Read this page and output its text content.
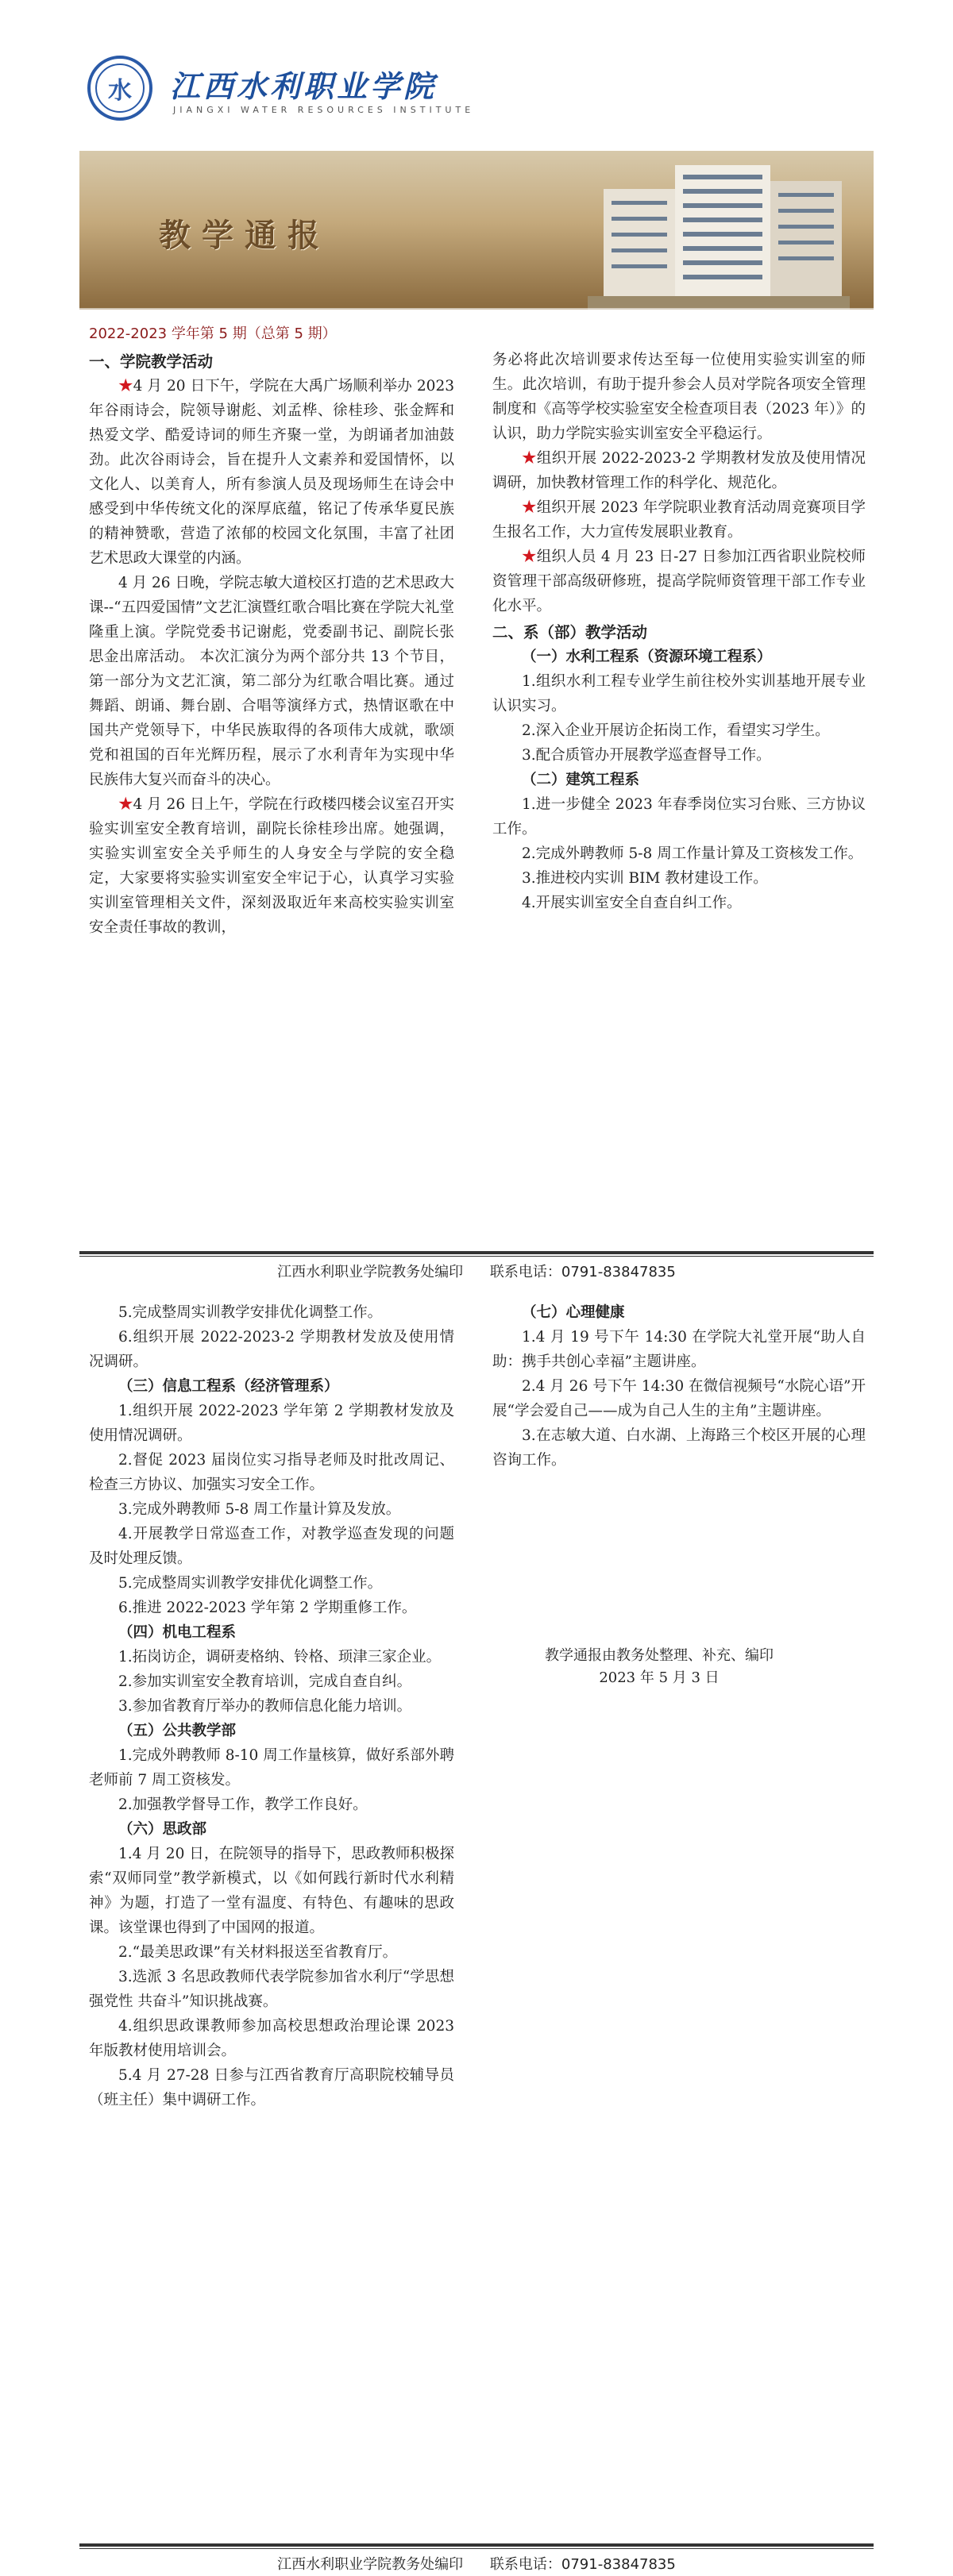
水	江西水利职业学院
JIANGXI WATER RESOURCES INSTITUTE
教学通报
2022-2023 学年第 5 期（总第 5 期）

一、学院教学活动

★4 月 20 日下午，学院在大禹广场顺利举办 2023 年谷雨诗会，院领导谢彪、刘孟桦、徐桂珍、张金辉和热爱文学、酷爱诗词的师生齐聚一堂，为朗诵者加油鼓劲。此次谷雨诗会，旨在提升人文素养和爱国情怀，以文化人、以美育人，所有参演人员及现场师生在诗会中感受到中华传统文化的深厚底蕴，铭记了传承华夏民族的精神赞歌，营造了浓郁的校园文化氛围，丰富了社团艺术思政大课堂的内涵。

4 月 26 日晚，学院志敏大道校区打造的艺术思政大课--“五四爱国情”文艺汇演暨红歌合唱比赛在学院大礼堂隆重上演。学院党委书记谢彪，党委副书记、副院长张思金出席活动。 本次汇演分为两个部分共 13 个节目，第一部分为文艺汇演，第二部分为红歌合唱比赛。通过舞蹈、朗诵、舞台剧、合唱等演绎方式，热情讴歌在中国共产党领导下，中华民族取得的各项伟大成就，歌颂党和祖国的百年光辉历程，展示了水利青年为实现中华民族伟大复兴而奋斗的决心。

★4 月 26 日上午，学院在行政楼四楼会议室召开实验实训室安全教育培训，副院长徐桂珍出席。她强调，实验实训室安全关乎师生的人身安全与学院的安全稳定，大家要将实验实训室安全牢记于心，认真学习实验实训室管理相关文件，深刻汲取近年来高校实验实训室安全责任事故的教训，

务必将此次培训要求传达至每一位使用实验实训室的师生。此次培训，有助于提升参会人员对学院各项安全管理制度和《高等学校实验室安全检查项目表（2023 年）》的认识，助力学院实验实训室安全平稳运行。

★组织开展 2022-2023-2 学期教材发放及使用情况调研，加快教材管理工作的科学化、规范化。

★组织开展 2023 年学院职业教育活动周竞赛项目学生报名工作，大力宣传发展职业教育。

★组织人员 4 月 23 日-27 日参加江西省职业院校师资管理干部高级研修班，提高学院师资管理干部工作专业化水平。

二、系（部）教学活动

（一）水利工程系（资源环境工程系）

1.组织水利工程专业学生前往校外实训基地开展专业认识实习。

2.深入企业开展访企拓岗工作，看望实习学生。

3.配合质管办开展教学巡查督导工作。

（二）建筑工程系

1.进一步健全 2023 年春季岗位实习台账、三方协议工作。

2.完成外聘教师 5-8 周工作量计算及工资核发工作。

3.推进校内实训 BIM 教材建设工作。

4.开展实训室安全自查自纠工作。

江西水利职业学院教务处编印 联系电话：0791-83847835

5.完成整周实训教学安排优化调整工作。

6.组织开展 2022-2023-2 学期教材发放及使用情况调研。

（三）信息工程系（经济管理系）

1.组织开展 2022-2023 学年第 2 学期教材发放及使用情况调研。

2.督促 2023 届岗位实习指导老师及时批改周记、检查三方协议、加强实习安全工作。

3.完成外聘教师 5-8 周工作量计算及发放。

4.开展教学日常巡查工作，对教学巡查发现的问题及时处理反馈。

5.完成整周实训教学安排优化调整工作。

6.推进 2022-2023 学年第 2 学期重修工作。

（四）机电工程系

1.拓岗访企，调研麦格纳、铃格、顼津三家企业。

2.参加实训室安全教育培训，完成自查自纠。

3.参加省教育厅举办的教师信息化能力培训。

（五）公共教学部

1.完成外聘教师 8-10 周工作量核算，做好系部外聘老师前 7 周工资核发。

2.加强教学督导工作，教学工作良好。

（六）思政部

1.4 月 20 日，在院领导的指导下，思政教师积极探索“双师同堂”教学新模式，以《如何践行新时代水利精神》为题，打造了一堂有温度、有特色、有趣味的思政课。该堂课也得到了中国网的报道。

2.“最美思政课”有关材料报送至省教育厅。

3.选派 3 名思政教师代表学院参加省水利厅“学思想 强党性 共奋斗”知识挑战赛。

4.组织思政课教师参加高校思想政治理论课 2023 年版教材使用培训会。

5.4 月 27-28 日参与江西省教育厅高职院校辅导员（班主任）集中调研工作。

（七）心理健康

1.4 月 19 号下午 14:30 在学院大礼堂开展“助人自助：携手共创心幸福”主题讲座。

2.4 月 26 号下午 14:30 在微信视频号“水院心语”开展“学会爱自己——成为自己人生的主角”主题讲座。

3.在志敏大道、白水湖、上海路三个校区开展的心理咨询工作。

教学通报由教务处整理、补充、编印
2023 年 5 月 3 日
江西水利职业学院教务处编印 联系电话：0791-83847835
